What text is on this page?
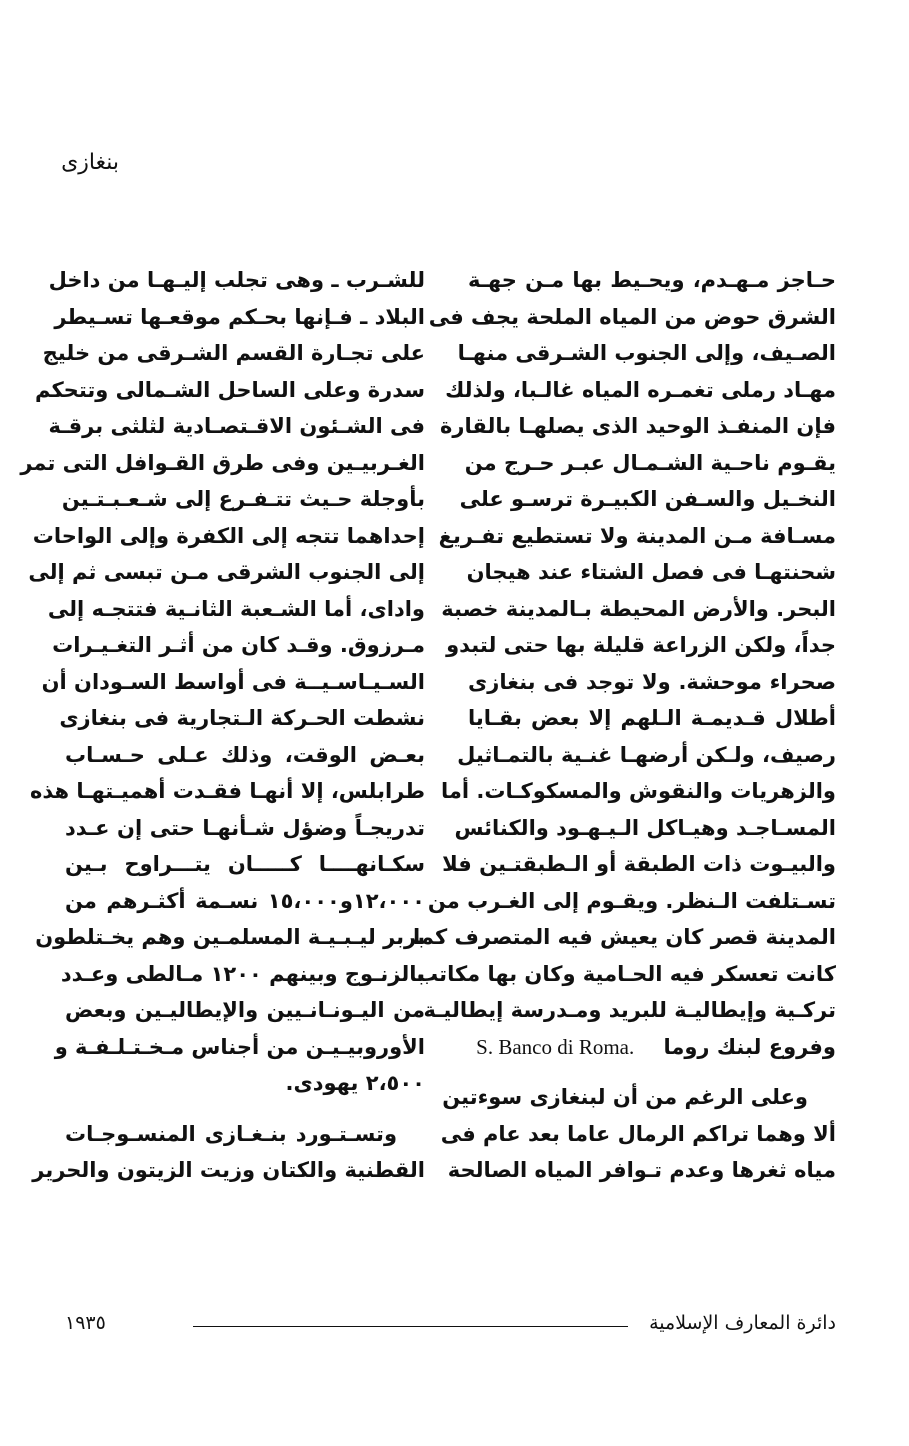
بنغازى
حـاجز مـهـدم، ويحـيط بها مـن جهـة
الشرق حوض من المياه الملحة يجف فى
الصـيف، وإلى الجنوب الشـرقى منهـا
مهـاد رملى تغمـره المياه غالـبا، ولذلك
فإن المنفـذ الوحيد الذى يصلهـا بالقارة
يقـوم ناحـية الشـمـال عبـر حـرج من
النخـيل والسـفن الكبيـرة ترسـو على
مسـافة مـن المدينة ولا تستطيع تفـريغ
شحنتهـا فى فصل الشتاء عند هيجان
البحر. والأرض المحيطة بـالمدينة خصبة
جداً، ولكن الزراعة قليلة بها حتى لتبدو
صحراء موحشة. ولا توجد فى بنغازى
أطلال قـديمـة الـلهم إلا بعض بقـايا
رصيف، ولـكن أرضهـا غنـية بالتمـاثيل
والزهريات والنقوش والمسكوكـات. أما
المسـاجـد وهيـاكل الـيـهـود والكنائس
والبيـوت ذات الطبقة أو الـطبقتـين فلا
تسـتلفت الـنظر. ويقـوم إلى الغـرب من
المدينة قصر كان يعيش فيه المتصرف كما
كانت تعسكر فيه الحـامية وكان بها مكاتب
تركـية وإيطاليـة للبريد ومـدرسة إيطاليـة
وفروع لبنك روما    S. Banco di Roma.
وعلى الرغم من أن لبنغازى سوءتين
ألا وهما تراكم الرمال عاما بعد عام فى
مياه ثغرها وعدم تـوافر المياه الصالحة
للشـرب ـ وهى تجلب إليـهـا من داخل
البلاد ـ فـإنها بحـكم موقعـها تسـيطر
على تجـارة القسم الشـرقى من خليج
سدرة وعلى الساحل الشـمالى وتتحكم
فى الشـئون الاقـتصـادية لثلثى برقـة
الغـربيـين وفى طرق القـوافل التى تمر
بأوجلة حـيث تتـفـرع إلى شـعـبـتـين
إحداهما تتجه إلى الكفرة وإلى الواحات
إلى الجنوب الشرقى مـن تبسى ثم إلى
واداى، أما الشـعبة الثانـية فتتجـه إلى
مـرزوق. وقـد كان من أثـر التغـيـرات
السـيـاسـيــة فى أواسط السـودان أن
نشطت الحـركة الـتجارية فى بنغازى
بعـض الوقت، وذلك عـلى حـسـاب
طرابلس، إلا أنهـا فقـدت أهميـتهـا هذه
تدريجـاً وضؤل شـأنهـا حتى إن عـدد
سكـانهــــا كـــــان يتـــراوح بـين
١٢،٠٠٠و١٥،٠٠٠ نسـمة أكثـرهم من
بربر ليـبـيـة المسلمـين وهم يخـتلطون
بالزنـوج وبينهم ١٢٠٠ مـالطى وعـدد
من اليـونـانـيين والإيطاليـين وبعض
الأوروبيـيـن من أجناس مـخـتـلـفـة و
٢،٥٠٠ يهودى.
وتسـتـورد بنـغـازى المنسـوجـات
القطنية والكتان وزيت الزيتون والحرير
دائرة المعارف الإسلامية
١٩٣٥
